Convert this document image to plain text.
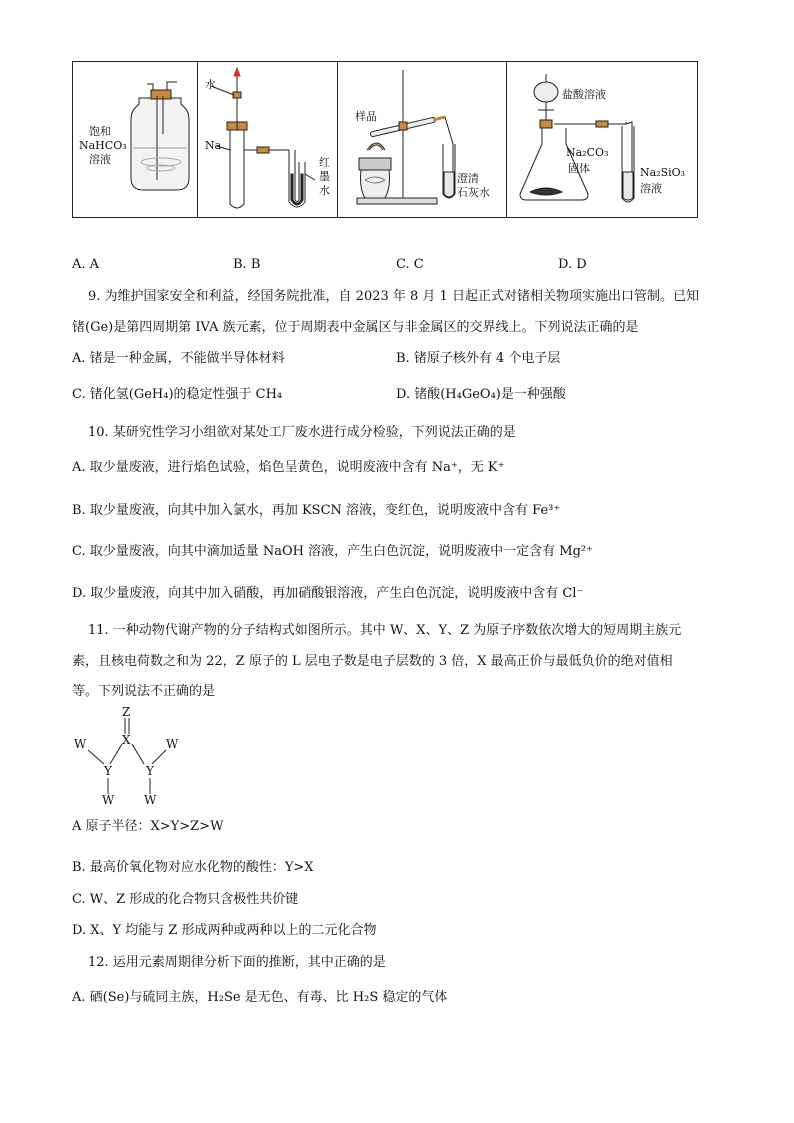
饱和
NaHCO₃
溶液
水
Na
红
墨
水
样品
澄清
石灰水
盐酸溶液
Na₂CO₃
固体	Na₂SiO₃
溶液
A. A	B. B	C. C	D. D
9. 为维护国家安全和利益，经国务院批准，自 2023 年 8 月 1 日起正式对锗相关物项实施出口管制。已知
锗(Ge)是第四周期第 IVA 族元素，位于周期表中金属区与非金属区的交界线上。下列说法正确的是
A. 锗是一种金属，不能做半导体材料	B. 锗原子核外有 4 个电子层
C. 锗化氢(GeH₄)的稳定性强于 CH₄	D. 锗酸(H₄GeO₄)是一种强酸
10. 某研究性学习小组欲对某处工厂废水进行成分检验，下列说法正确的是
A. 取少量废液，进行焰色试验，焰色呈黄色，说明废液中含有 Na⁺，无 K⁺
B. 取少量废液，向其中加入氯水，再加 KSCN 溶液，变红色，说明废液中含有 Fe³⁺
C. 取少量废液，向其中滴加适量 NaOH 溶液，产生白色沉淀，说明废液中一定含有 Mg²⁺
D. 取少量废液，向其中加入硝酸，再加硝酸银溶液，产生白色沉淀，说明废液中含有 Cl⁻
11. 一种动物代谢产物的分子结构式如图所示。其中 W、X、Y、Z 为原子序数依次增大的短周期主族元
素，且核电荷数之和为 22，Z 原子的 L 层电子数是电子层数的 3 倍，X 最高正价与最低负价的绝对值相
等。下列说法不正确的是
Z
X
W	W
Y	Y
W W
A 原子半径：X>Y>Z>W
B. 最高价氧化物对应水化物的酸性：Y>X
C. W、Z 形成的化合物只含极性共价键
D. X、Y 均能与 Z 形成两种或两种以上的二元化合物
12. 运用元素周期律分析下面的推断，其中正确的是
A. 硒(Se)与硫同主族，H₂Se 是无色、有毒、比 H₂S 稳定的气体
